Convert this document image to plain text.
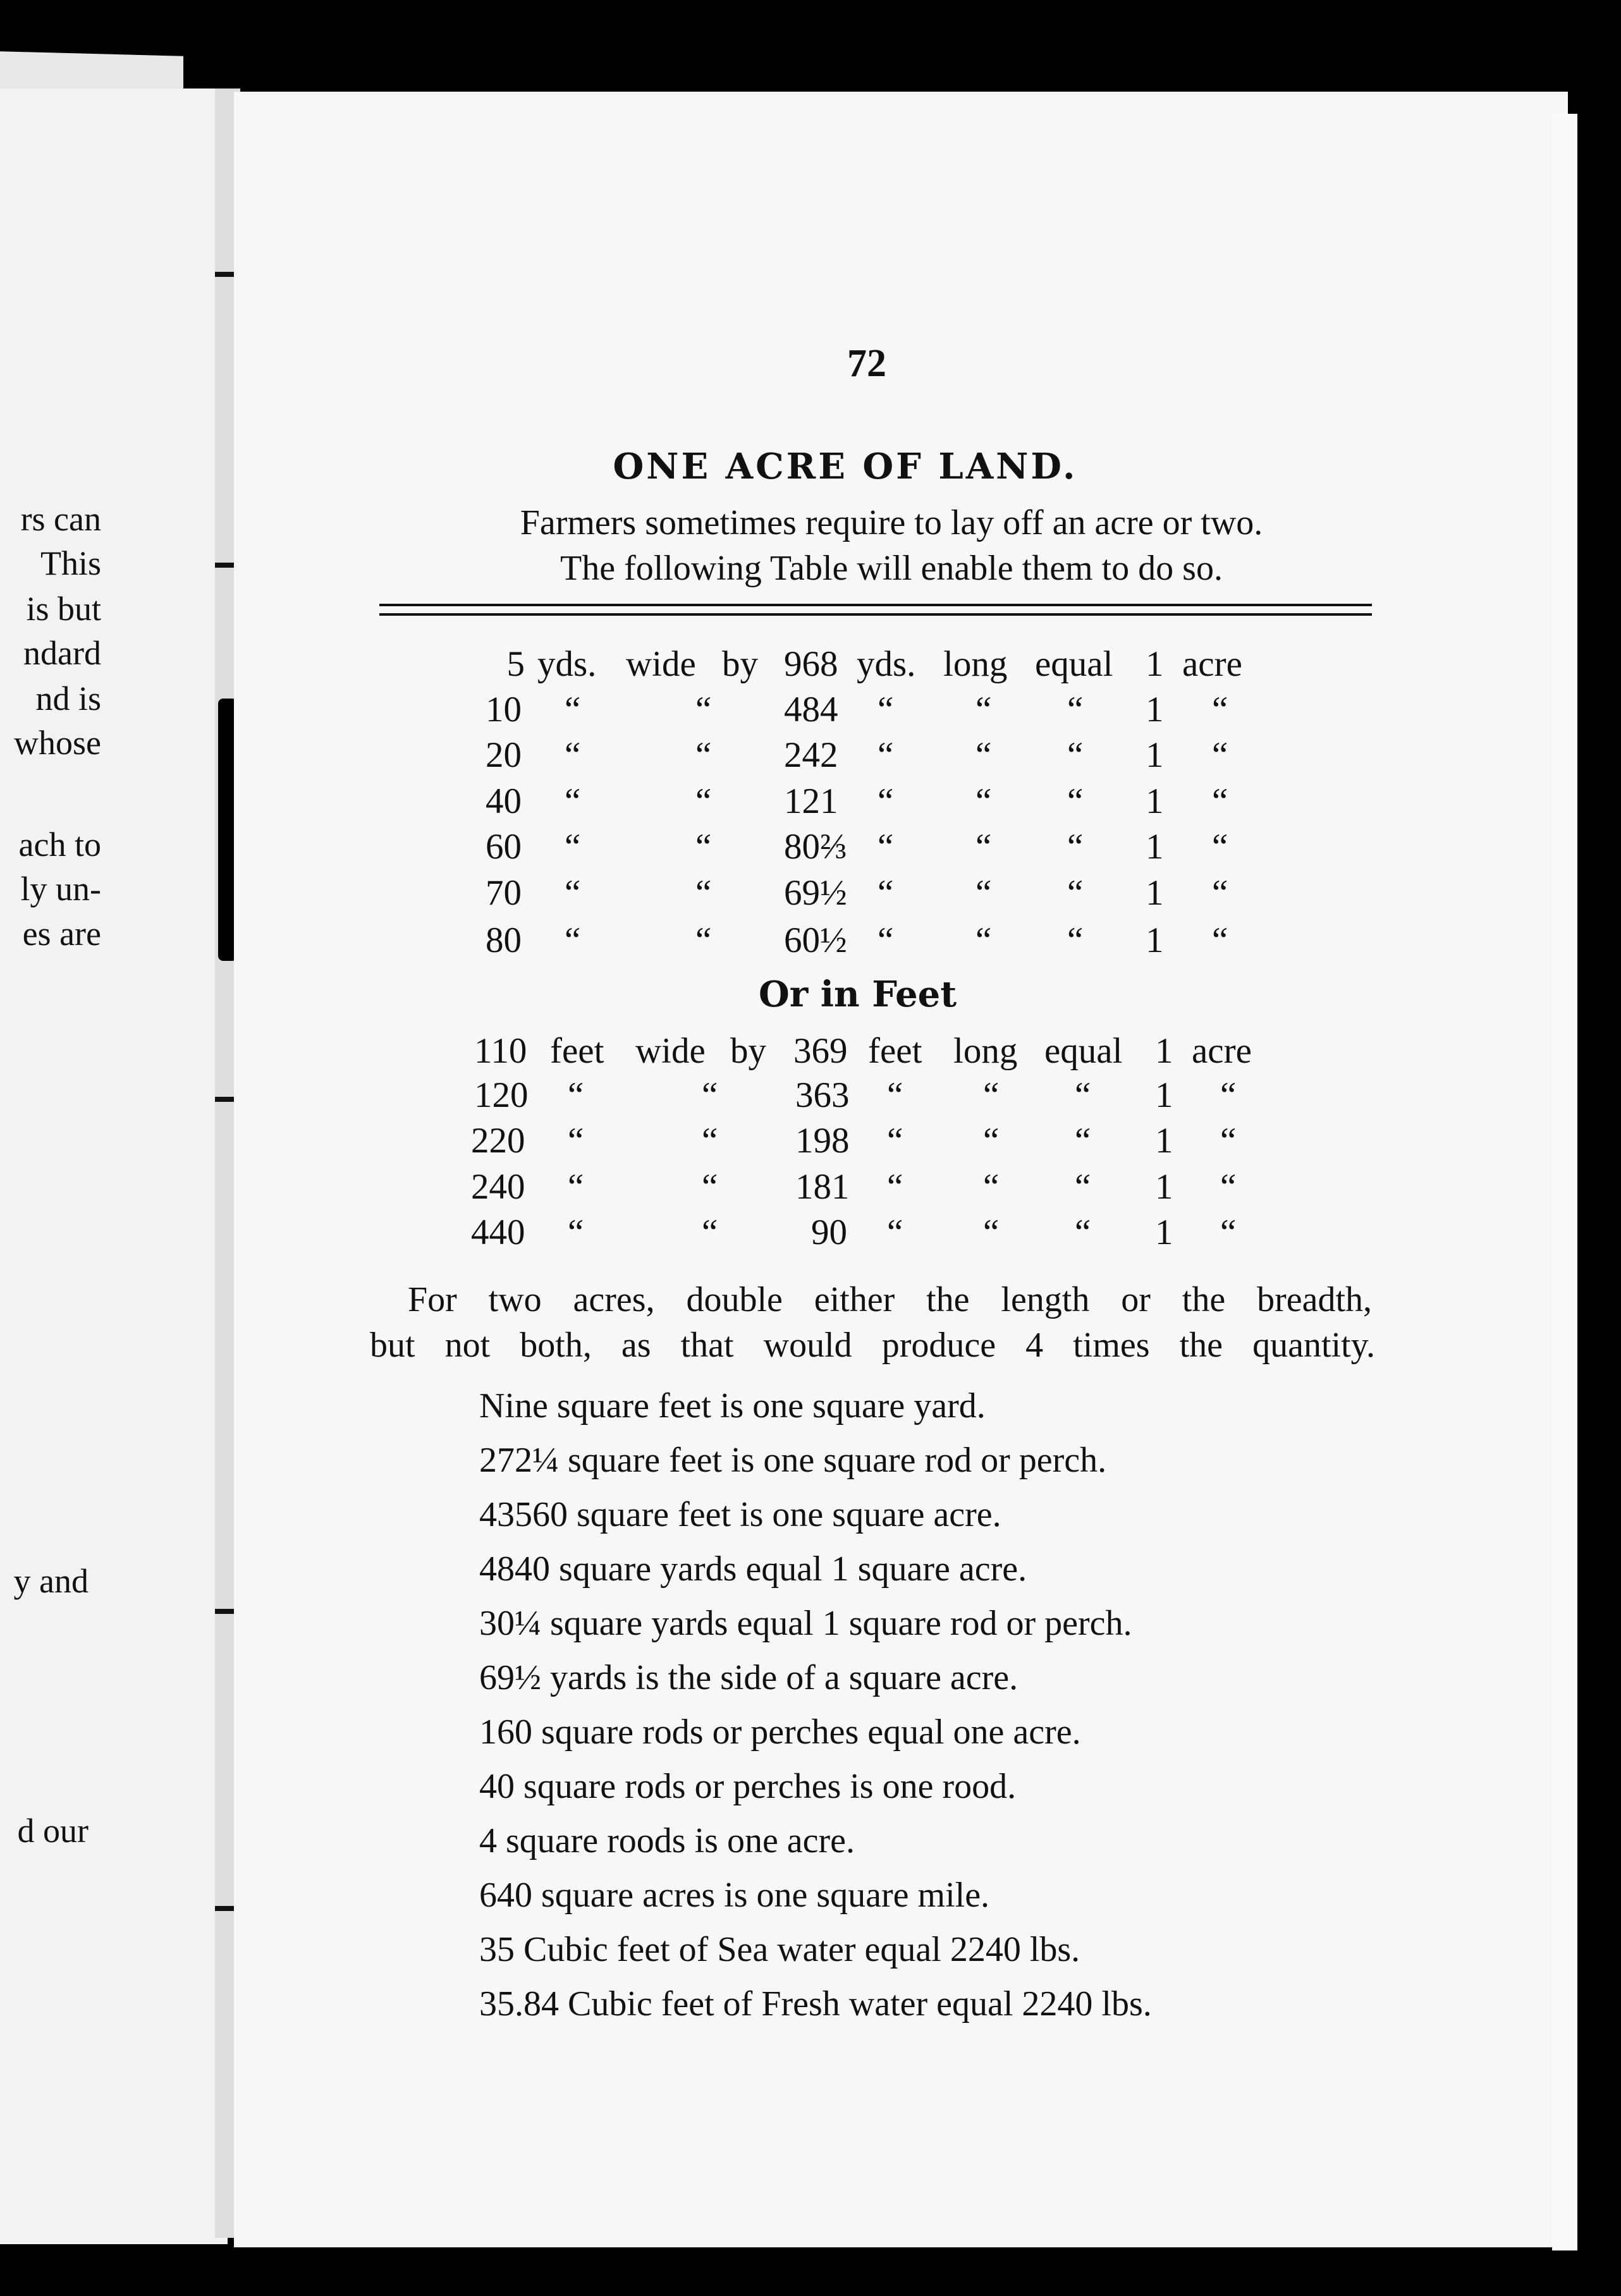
rs can
This
is but
ndard
nd is
whose
ach to
ly un-
es are
y and
d our
72
ONE ACRE OF LAND.
Farmers sometimes require to lay off an acre or two.
The following Table will enable them to do so.
5 yds. wide by 968 yds. long equal 1 acre
10 “	“ 484 “ “ “ 1 “
20 “	“ 242 “ “ “ 1 “
40 “	“ 121 “ “ “ 1 “
60 “	“ 80⅔ “ “ “ 1 “
70 “	“ 69½ “ “ “ 1 “
80 “	“ 60½ “ “ “ 1 “
Or in Feet
110 feet wide by 369 feet long equal 1 acre
120 “	“ 363 “ “ “ 1 “
220 “	“ 198 “ “ “ 1 “
240 “	“ 181 “ “ “ 1 “
440 “	“	90 “ “ “ 1 “
For two acres, double either the length or the breadth,
but not both, as that would produce 4 times the quantity.
Nine square feet is one square yard.
272¼ square feet is one square rod or perch.
43560 square feet is one square acre.
4840 square yards equal 1 square acre.
30¼ square yards equal 1 square rod or perch.
69½ yards is the side of a square acre.
160 square rods or perches equal one acre.
40 square rods or perches is one rood.
4 square roods is one acre.
640 square acres is one square mile.
35 Cubic feet of Sea water equal 2240 lbs.
35.84 Cubic feet of Fresh water equal 2240 lbs.
